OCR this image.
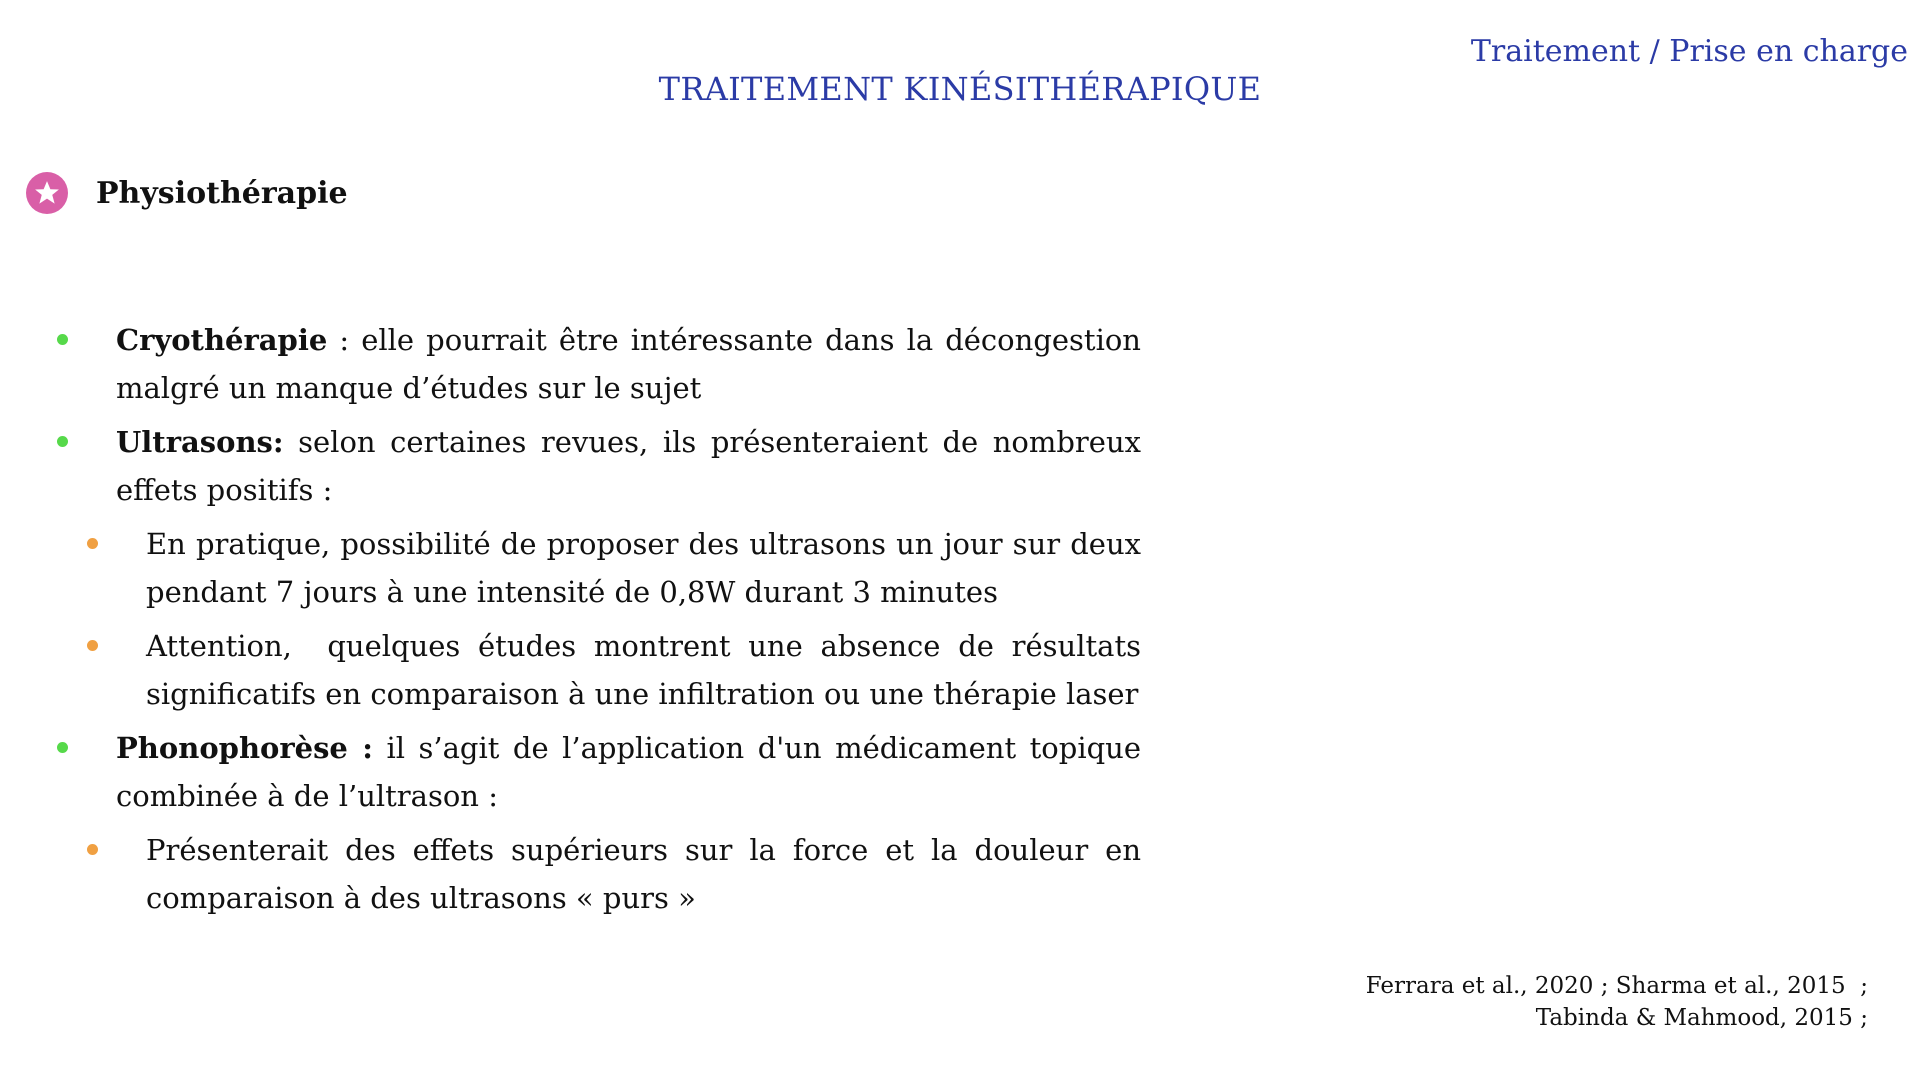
Traitement / Prise en charge
TRAITEMENT KINÉSITHÉRAPIQUE
Physiothérapie
Cryothérapie : elle pourrait être intéressante dans la décongestion malgré un manque d’études sur le sujet
Ultrasons: selon certaines revues, ils présenteraient de nombreux effets positifs :
En pratique, possibilité de proposer des ultrasons un jour sur deux pendant 7 jours à une intensité de 0,8W durant 3 minutes
Attention,  quelques études montrent une absence de résultats significatifs en comparaison à une infiltration ou une thérapie laser
Phonophorèse : il s’agit de l’application d'un médicament topique combinée à de l’ultrason :
Présenterait des effets supérieurs sur la force et la douleur en comparaison à des ultrasons « purs »
Ferrara et al., 2020 ; Sharma et al., 2015  ;
Tabinda & Mahmood, 2015 ;
